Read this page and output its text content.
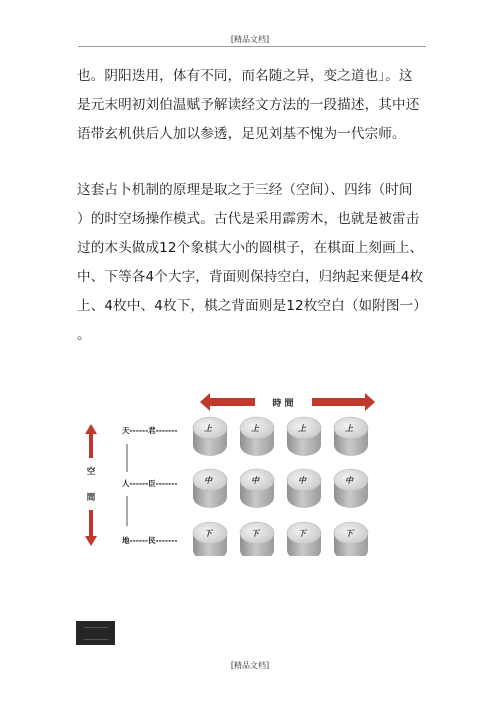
[精品文档]
也。阴阳迭用，体有不同，而名随之异，变之道也」。这
是元末明初刘伯温赋予解读经文方法的一段描述，其中还
语带玄机供后人加以参透，足见刘基不愧为一代宗师。
这套占卜机制的原理是取之于三经（空间）、四纬（时间
）的时空场操作模式。古代是采用霹雳木，也就是被雷击
过的木头做成12个象棋大小的圆棋子，在棋面上刻画上、
中、下等各4个大字，背面则保持空白，归纳起来便是4枚
上、4枚中、4枚下，棋之背面则是12枚空白（如附图一）
。
時 間
空
間
天------君-------
人------臣-------
地------民-------
上	上	上	上
中	中	中	中
下	下	下	下
[精品文档]
